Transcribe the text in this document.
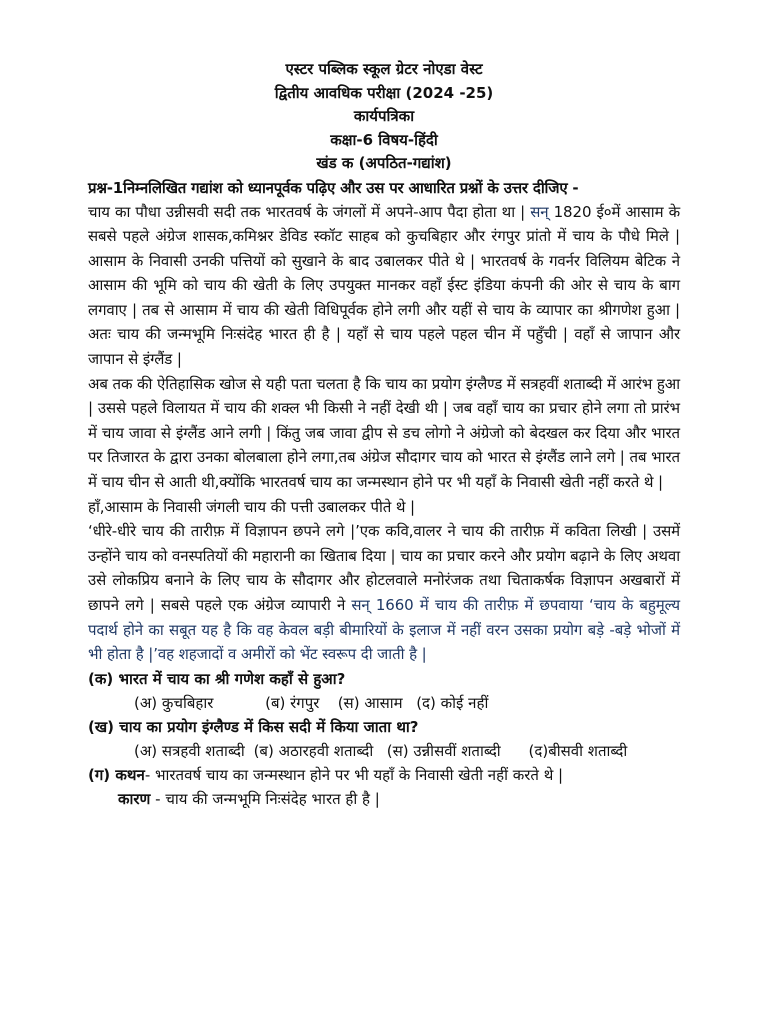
एस्टर पब्लिक स्कूल ग्रेटर नोएडा वेस्ट

द्वितीय आवधिक परीक्षा (2024 -25)

कार्यपत्रिका

कक्षा-6 विषय-हिंदी

खंड क (अपठित-गद्यांश)

प्रश्न-1निम्नलिखित गद्यांश को ध्यानपूर्वक पढ़िए और उस पर आधारित प्रश्नों के उत्तर दीजिए -

चाय का पौधा उन्नीसवी सदी तक भारतवर्ष के जंगलों में अपने-आप पैदा होता था | सन् 1820 ई०में आसाम के सबसे पहले अंग्रेज शासक,कमिश्नर डेविड स्कॉट साहब को कुचबिहार और रंगपुर प्रांतो में चाय के पौधे मिले | आसाम के निवासी उनकी पत्तियों को सुखाने के बाद उबालकर पीते थे | भारतवर्ष के गवर्नर विलियम बेटिक ने आसाम की भूमि को चाय की खेती के लिए उपयुक्त मानकर वहाँ ईस्ट इंडिया कंपनी की ओर से चाय के बाग लगवाए | तब से आसाम में चाय की खेती विधिपूर्वक होने लगी और यहीं से चाय के व्यापार का श्रीगणेश हुआ | अतः चाय की जन्मभूमि निःसंदेह भारत ही है | यहाँ से चाय पहले पहल चीन में पहुँची | वहाँ से जापान और जापान से इंग्लैंड |

अब तक की ऐतिहासिक खोज से यही पता चलता है कि चाय का प्रयोग इंग्लैण्ड में सत्रहवीं शताब्दी में आरंभ हुआ | उससे पहले विलायत में चाय की शक्ल भी किसी ने नहीं देखी थी | जब वहाँ चाय का प्रचार होने लगा तो प्रारंभ में चाय जावा से इंग्लैंड आने लगी | किंतु जब जावा द्वीप से डच लोगो ने अंग्रेजो को बेदखल कर दिया और भारत पर तिजारत के द्वारा उनका बोलबाला होने लगा,तब अंग्रेज सौदागर चाय को भारत से इंग्लैंड लाने लगे | तब भारत में चाय चीन से आती थी,क्योंकि भारतवर्ष चाय का जन्मस्थान होने पर भी यहाँ के निवासी खेती नहीं करते थे |

हाँ,आसाम के निवासी जंगली चाय की पत्ती उबालकर पीते थे |

‘धीरे-धीरे चाय की तारीफ़ में विज्ञापन छपने लगे |’एक कवि,वालर ने चाय की तारीफ़ में कविता लिखी | उसमें उन्होंने चाय को वनस्पतियों की महारानी का खिताब दिया | चाय का प्रचार करने और प्रयोग बढ़ाने के लिए अथवा उसे लोकप्रिय बनाने के लिए चाय के सौदागर और होटलवाले मनोरंजक तथा चिताकर्षक विज्ञापन अखबारों में छापने लगे | सबसे पहले एक अंग्रेज व्यापारी ने सन् 1660 में चाय की तारीफ़ में छपवाया ‘चाय के बहुमूल्य पदार्थ होने का सबूत यह है कि वह केवल बड़ी बीमारियों के इलाज में नहीं वरन उसका प्रयोग बड़े -बड़े भोजों में भी होता है |’वह शहजादों व अमीरों को भेंट स्वरूप दी जाती है |

(क) भारत में चाय का श्री गणेश कहाँ से हुआ?

(अ) कुचबिहार	(ब) रंगपुर (स) आसाम (द) कोई नहीं

(ख) चाय का प्रयोग इंग्लैण्ड में किस सदी में किया जाता था?

(अ) सत्रहवी शताब्दी (ब) अठारहवी शताब्दी (स) उन्नीसवीं शताब्दी (द)बीसवी शताब्दी

(ग) कथन- भारतवर्ष चाय का जन्मस्थान होने पर भी यहाँ के निवासी खेती नहीं करते थे |

कारण - चाय की जन्मभूमि निःसंदेह भारत ही है |
